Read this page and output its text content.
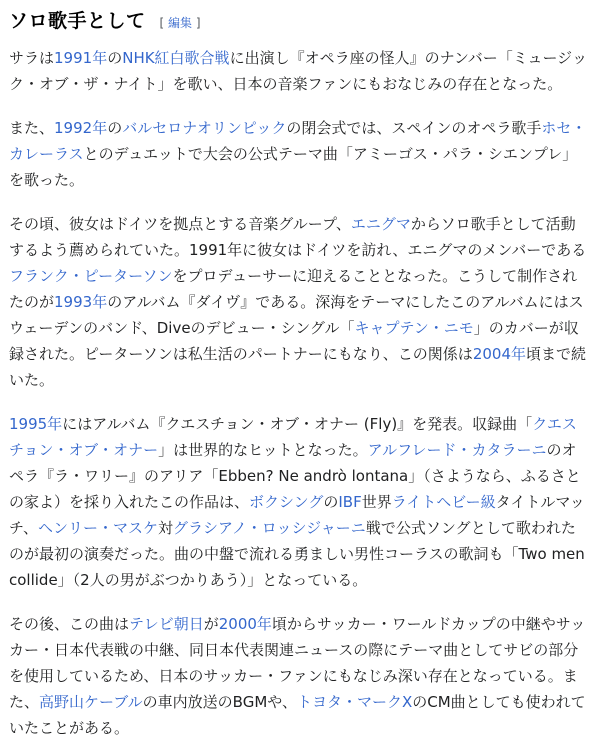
ソロ歌手として [ 編集 ]

サラは1991年のNHK紅白歌合戦に出演し『オペラ座の怪人』のナンバー「ミュージック・オブ・ザ・ナイト」を歌い、日本の音楽ファンにもおなじみの存在となった。

また、1992年のバルセロナオリンピックの閉会式では、スペインのオペラ歌手ホセ・カレーラスとのデュエットで大会の公式テーマ曲「アミーゴス・パラ・シエンプレ」を歌った。

その頃、彼女はドイツを拠点とする音楽グループ、エニグマからソロ歌手として活動するよう薦められていた。1991年に彼女はドイツを訪れ、エニグマのメンバーであるフランク・ピーターソンをプロデューサーに迎えることとなった。こうして制作されたのが1993年のアルバム『ダイヴ』である。深海をテーマにしたこのアルバムにはスウェーデンのバンド、Diveのデビュー・シングル「キャプテン・ニモ」のカバーが収録された。ピーターソンは私生活のパートナーにもなり、この関係は2004年頃まで続いた。

1995年にはアルバム『クエスチョン・オブ・オナー (Fly)』を発表。収録曲「クエスチョン・オブ・オナー」は世界的なヒットとなった。アルフレード・カタラーニのオペラ『ラ・ワリー』のアリア「Ebben? Ne andrò lontana」（さようなら、ふるさとの家よ）を採り入れたこの作品は、ボクシングのIBF世界ライトヘビー級タイトルマッチ、ヘンリー・マスケ対グラシアノ・ロッシジャーニ戦で公式ソングとして歌われたのが最初の演奏だった。曲の中盤で流れる勇ましい男性コーラスの歌詞も「Two men collide」（2人の男がぶつかりあう）」となっている。

その後、この曲はテレビ朝日が2000年頃からサッカー・ワールドカップの中継やサッカー・日本代表戦の中継、同日本代表関連ニュースの際にテーマ曲としてサビの部分を使用しているため、日本のサッカー・ファンにもなじみ深い存在となっている。また、高野山ケーブルの車内放送のBGMや、トヨタ・マークXのCM曲としても使われていたことがある。
